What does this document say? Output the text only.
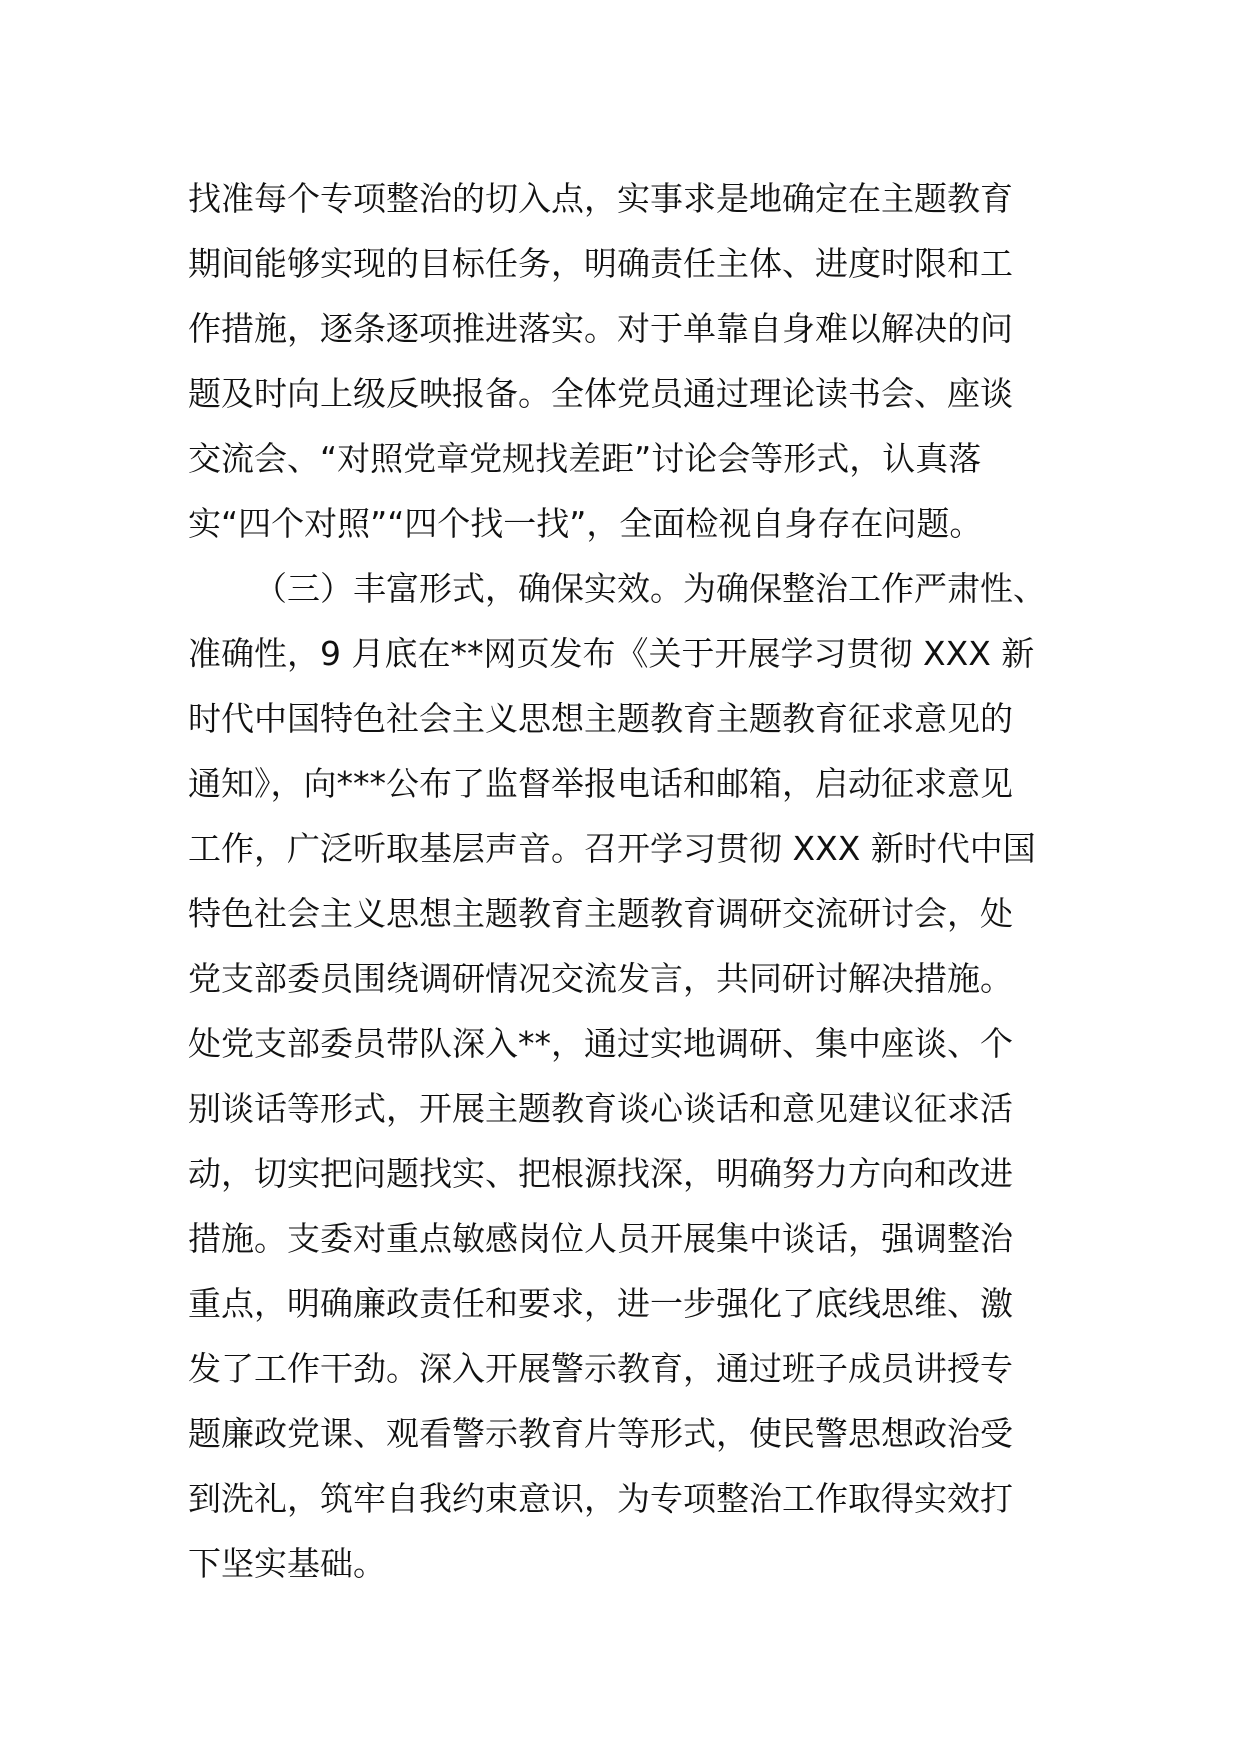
找准每个专项整治的切入点，实事求是地确定在主题教育
期间能够实现的目标任务，明确责任主体、进度时限和工
作措施，逐条逐项推进落实。对于单靠自身难以解决的问
题及时向上级反映报备。全体党员通过理论读书会、座谈
交流会、“对照党章党规找差距”讨论会等形式，认真落
实“四个对照”“四个找一找”，全面检视自身存在问题。
（三）丰富形式，确保实效。为确保整治工作严肃性、
准确性，9 月底在**网页发布《关于开展学习贯彻 XXX 新
时代中国特色社会主义思想主题教育主题教育征求意见的
通知》，向***公布了监督举报电话和邮箱，启动征求意见
工作，广泛听取基层声音。召开学习贯彻 XXX 新时代中国
特色社会主义思想主题教育主题教育调研交流研讨会，处
党支部委员围绕调研情况交流发言，共同研讨解决措施。
处党支部委员带队深入**，通过实地调研、集中座谈、个
别谈话等形式，开展主题教育谈心谈话和意见建议征求活
动，切实把问题找实、把根源找深，明确努力方向和改进
措施。支委对重点敏感岗位人员开展集中谈话，强调整治
重点，明确廉政责任和要求，进一步强化了底线思维、激
发了工作干劲。深入开展警示教育，通过班子成员讲授专
题廉政党课、观看警示教育片等形式，使民警思想政治受
到洗礼，筑牢自我约束意识，为专项整治工作取得实效打
下坚实基础。
